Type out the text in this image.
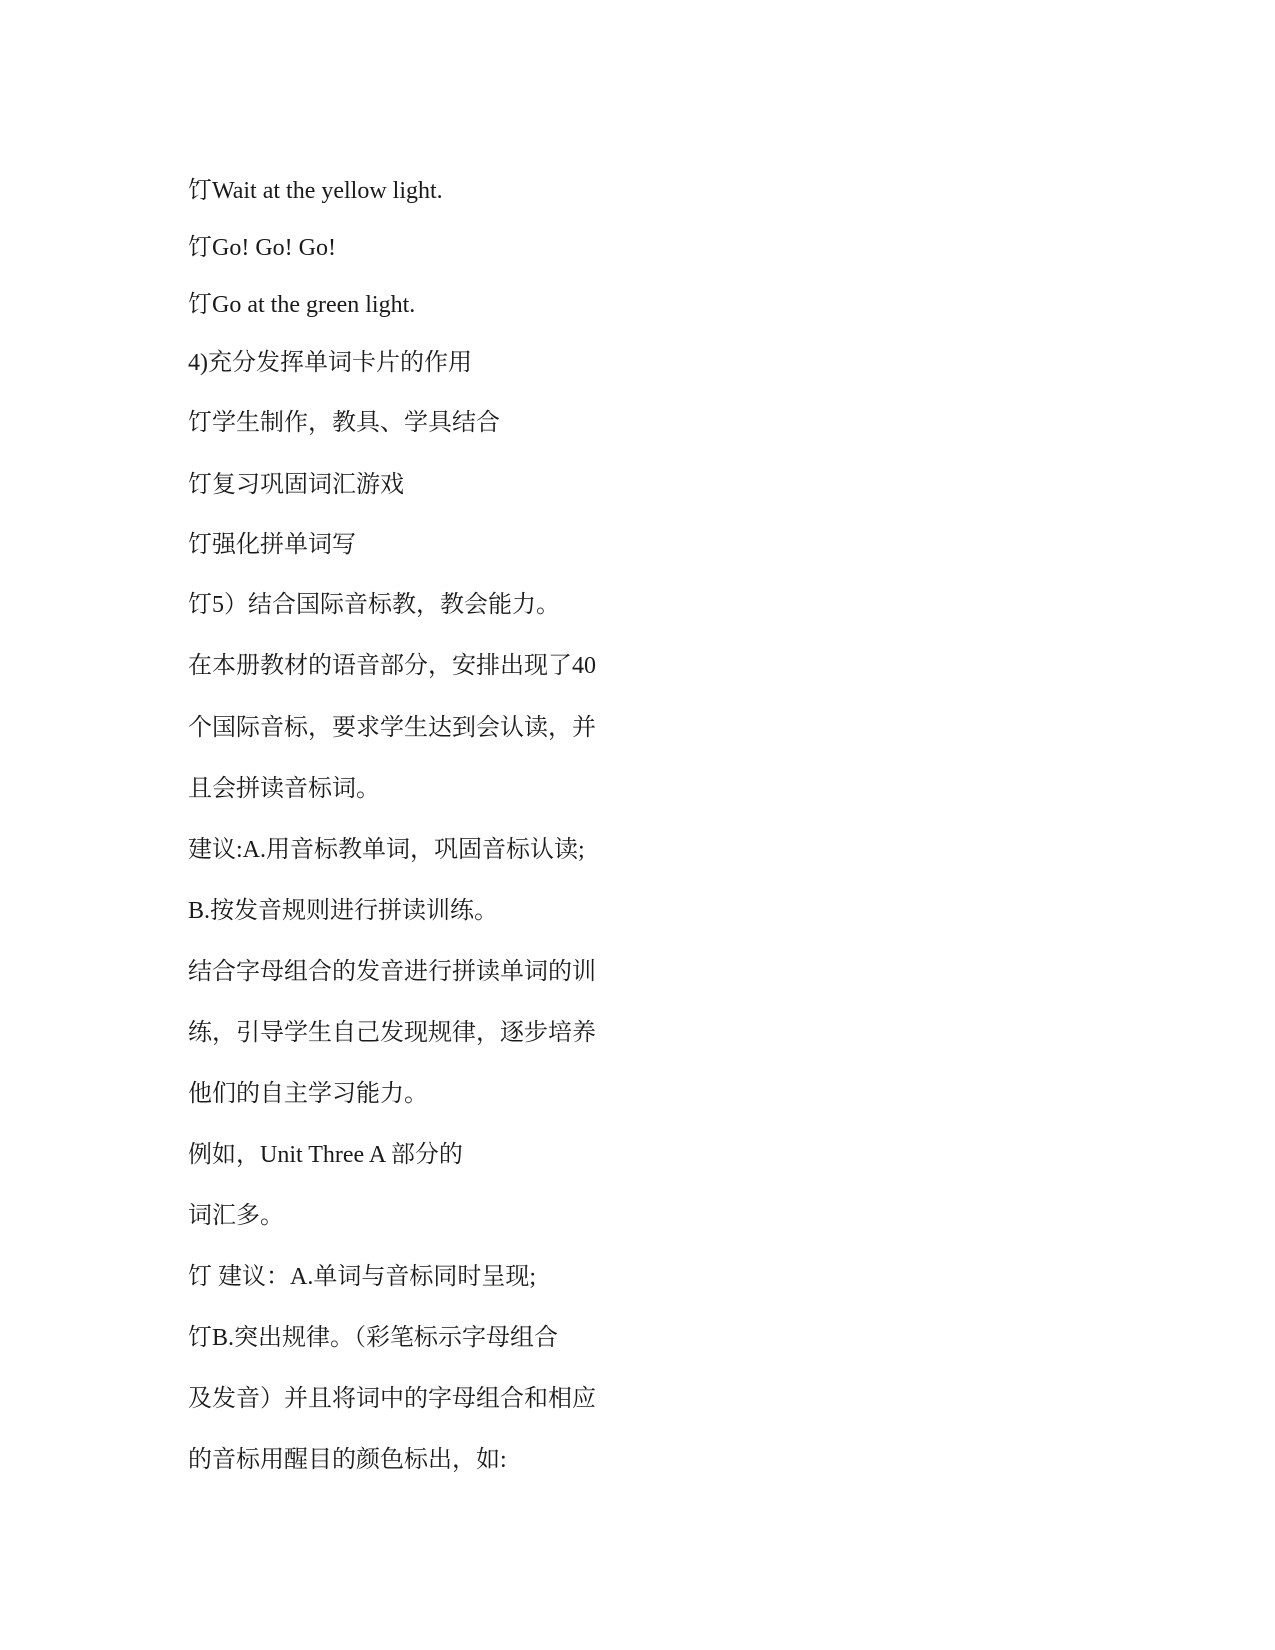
饤Wait at the yellow light.

饤Go! Go! Go!

饤Go at the green light.

4)充分发挥单词卡片的作用

饤学生制作，教具、学具结合

饤复习巩固词汇游戏

饤强化拼单词写

饤5）结合国际音标教，教会能力。

在本册教材的语音部分，安排出现了40

个国际音标，要求学生达到会认读，并

且会拼读音标词。

建议:A.用音标教单词，巩固音标认读;

B.按发音规则进行拼读训练。

结合字母组合的发音进行拼读单词的训

练，引导学生自己发现规律，逐步培养

他们的自主学习能力。

例如，Unit Three A 部分的

词汇多。

饤 建议：A.单词与音标同时呈现;

饤B.突出规律。（彩笔标示字母组合

及发音）并且将词中的字母组合和相应

的音标用醒目的颜色标出，如:
